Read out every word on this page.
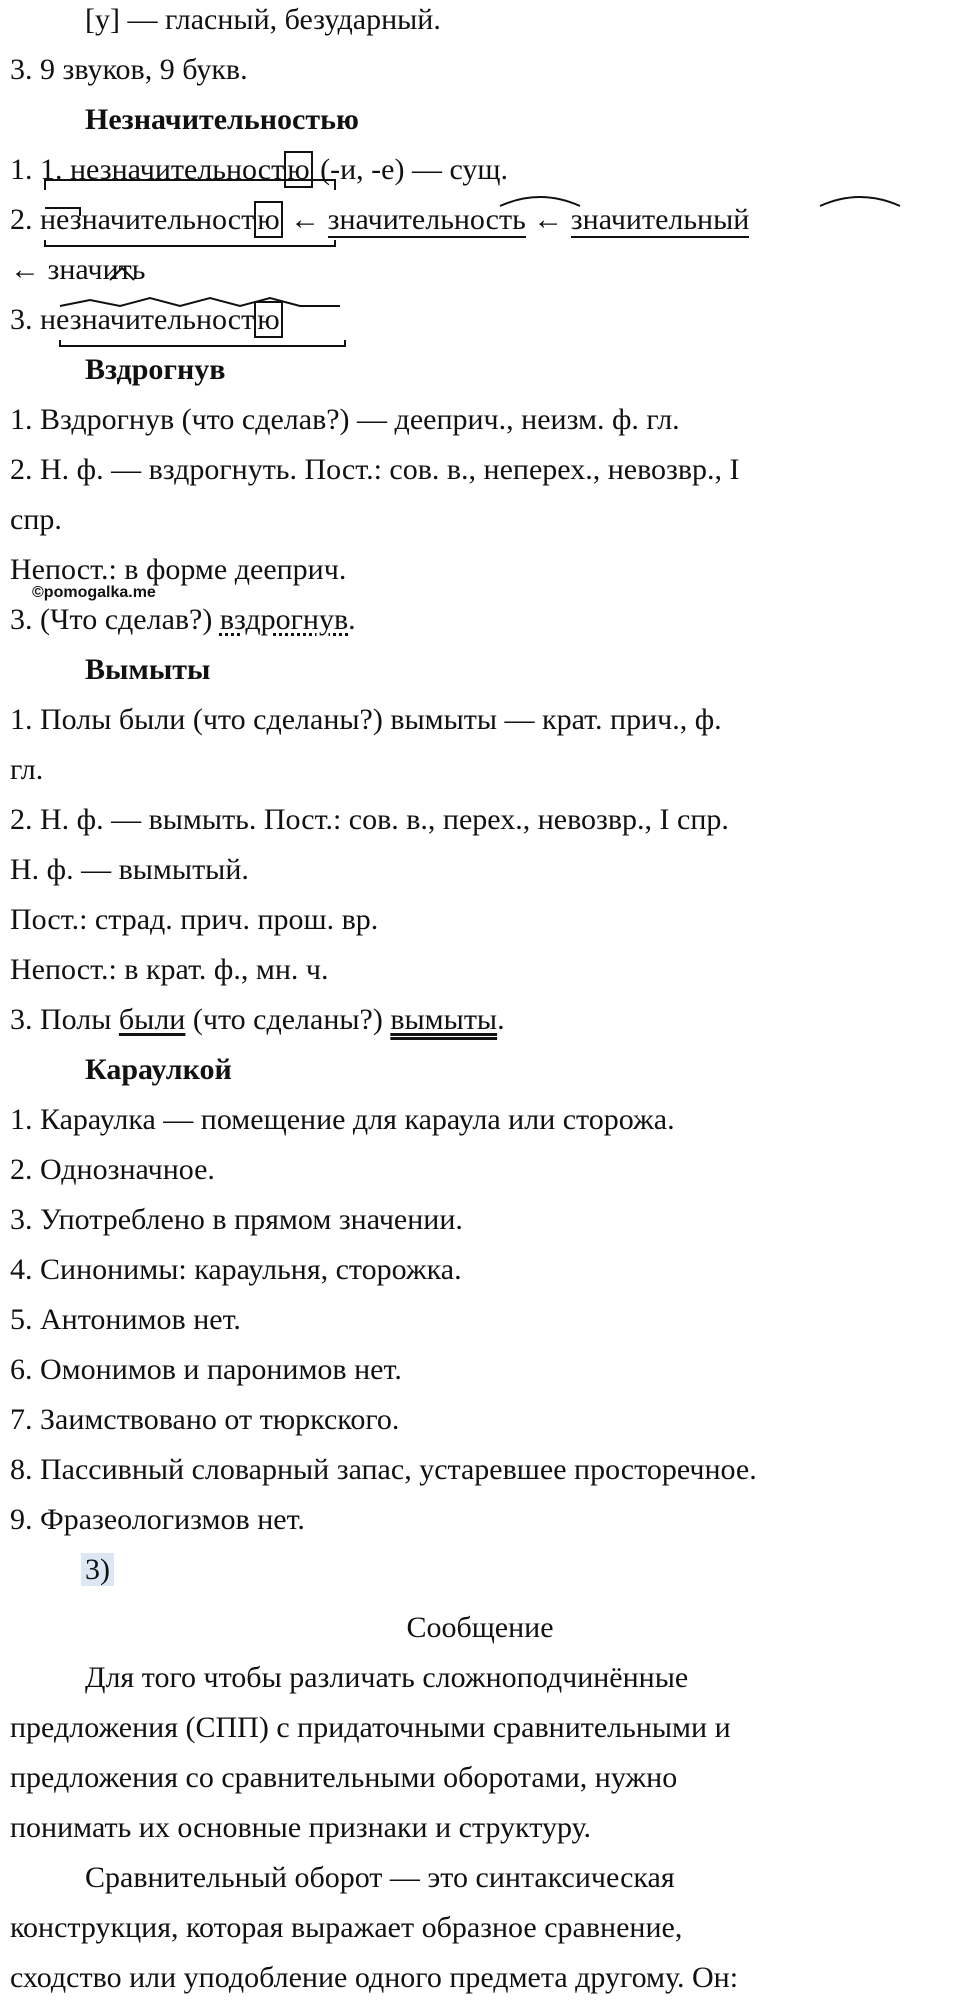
[у] — гласный, безударный.
3. 9 звуков, 9 букв.
Незначительностью
1. 1. незначительност ю (-и, -е) — сущ.
2. незначительност ю ← значительность ← значительный
← значить
3. незначительност ю
Вздрогнув
1. Вздрогнув (что сделав?) — дееприч., неизм. ф. гл.
2. Н. ф. — вздрогнуть. Пост.: сов. в., неперех., невозвр., I
спр.
Непост.: в форме дееприч.
3. (Что сделав?) вздрогнув.
©pomogalka.me
Вымыты
1. Полы были (что сделаны?) вымыты — крат. прич., ф.
гл.
2. Н. ф. — вымыть. Пост.: сов. в., перех., невозвр., I спр.
Н. ф. — вымытый.
Пост.: страд. прич. прош. вр.
Непост.: в крат. ф., мн. ч.
3. Полы были (что сделаны?) вымыты.
Караулкой
1. Караулка — помещение для караула или сторожа.
2. Однозначное.
3. Употреблено в прямом значении.
4. Синонимы: караульня, сторожка.
5. Антонимов нет.
6. Омонимов и паронимов нет.
7. Заимствовано от тюркского.
8. Пассивный словарный запас, устаревшее просторечное.
9. Фразеологизмов нет.
3)
Сообщение
Для того чтобы различать сложноподчинённые
предложения (СПП) с придаточными сравнительными и
предложения со сравнительными оборотами, нужно
понимать их основные признаки и структуру.
Сравнительный оборот — это синтаксическая
конструкция, которая выражает образное сравнение,
сходство или уподобление одного предмета другому. Он:
